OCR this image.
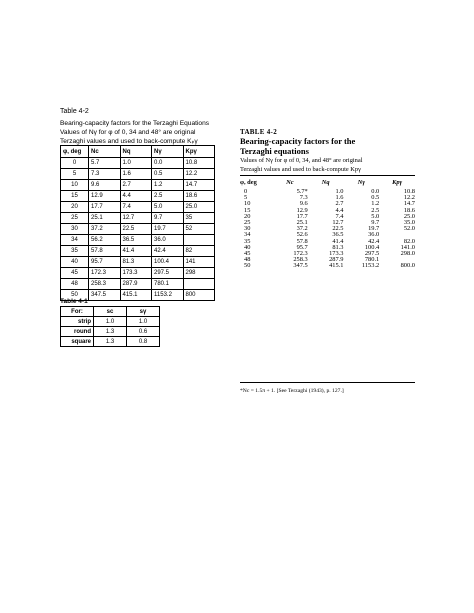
Table 4-2
Bearing-capacity factors for the Terzaghi Equations
Values of Nγ for φ of 0, 34 and 48° are original
Terzaghi values and used to back-compute Kₚγ
φ, deg	Nc	Nq	Nγ	Kpγ
0	5.7	1.0	0.0	10.8
5	7.3	1.6	0.5	12.2
10	9.6	2.7	1.2	14.7
15	12.9	4.4	2.5	18.6
20	17.7	7.4	5.0	25.0
25	25.1	12.7	9.7	35
30	37.2	22.5	19.7	52
34	56.2	36.5	36.0	
35	57.8	41.4	42.4	82
40	95.7	81.3	100.4	141
45	172.3	173.3	297.5	298
48	258.3	287.9	780.1	
50	347.5	415.1	1153.2	800
Table 4-1
For:	sc	sγ
strip	1.0	1.0
round	1.3	0.6
square	1.3	0.8
TABLE 4-2
Bearing-capacity factors for the
Terzaghi equations
Values of Nγ for φ of 0, 34, and 48° are original
Terzaghi values and used to back-compute Kpγ
φ, deg	Nc	Nq	Nγ	Kpγ
0	5.7*	1.0	0.0	10.8
5	7.3	1.6	0.5	12.2
10	9.6	2.7	1.2	14.7
15	12.9	4.4	2.5	18.6
20	17.7	7.4	5.0	25.0
25	25.1	12.7	9.7	35.0
30	37.2	22.5	19.7	52.0
34	52.6	36.5	36.0	
35	57.8	41.4	42.4	82.0
40	95.7	81.3	100.4	141.0
45	172.3	173.3	297.5	298.0
48	258.3	287.9	780.1	
50	347.5	415.1	1153.2	800.0
*Nc = 1.5π + 1. [See Terzaghi (1943), p. 127.]
